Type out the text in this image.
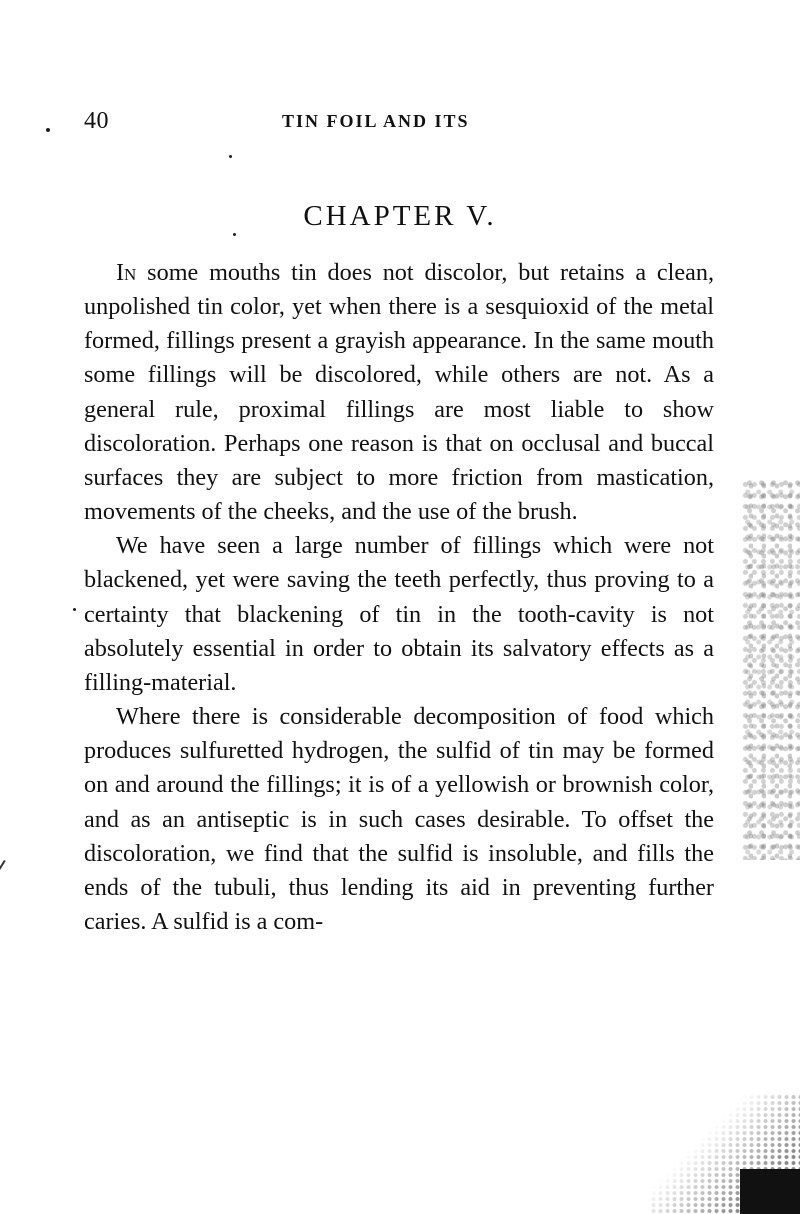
40	TIN FOIL AND ITS
CHAPTER V.

In some mouths tin does not discolor, but retains a clean, unpolished tin color, yet when there is a sesquioxid of the metal formed, fillings present a grayish appearance. In the same mouth some fillings will be discolored, while others are not. As a general rule, proximal fillings are most liable to show discoloration. Perhaps one reason is that on occlusal and buccal surfaces they are subject to more friction from mastication, movements of the cheeks, and the use of the brush.

We have seen a large number of fillings which were not blackened, yet were saving the teeth perfectly, thus proving to a certainty that blackening of tin in the tooth-cavity is not absolutely essential in order to obtain its salvatory effects as a filling-material.

Where there is considerable decomposition of food which produces sulfuretted hydrogen, the sulfid of tin may be formed on and around the fillings; it is of a yellowish or brownish color, and as an antiseptic is in such cases desirable. To offset the discoloration, we find that the sulfid is insoluble, and fills the ends of the tubuli, thus lending its aid in preventing further caries. A sulfid is a com-
